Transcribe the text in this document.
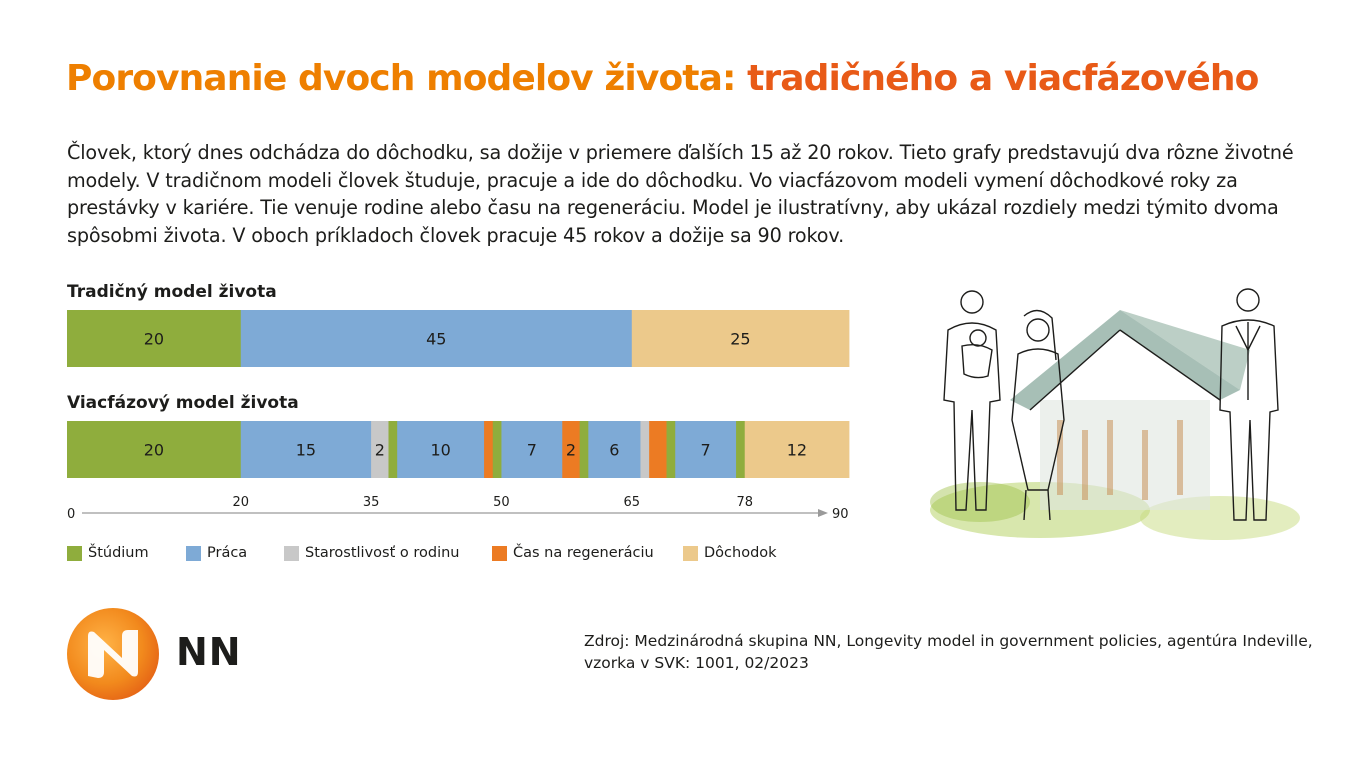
Porovnanie dvoch modelov života: tradičného a viacfázového

Človek, ktorý dnes odchádza do dôchodku, sa dožije v priemere ďalších 15 až 20 rokov. Tieto grafy predstavujú dva rôzne životné modely. V tradičnom modeli človek študuje, pracuje a ide do dôchodku. Vo viacfázovom modeli vymení dôchodkové roky za prestávky v kariére. Tie venuje rodine alebo času na regeneráciu. Model je ilustratívny, aby ukázal rozdiely medzi týmito dvoma spôsobmi života. V oboch príkladoch človek pracuje 45 rokov a dožije sa 90 rokov.

Tradičný model života
Viacfázový model života
20	45	25
20	15	2	10	7 2 6	7	12
0
20	35	50	65	78
90
Štúdium	Práca	Starostlivosť o rodinu	Čas na regeneráciu	Dôchodok
NN	Zdroj: Medzinárodná skupina NN, Longevity model in government policies, agentúra Indeville, vzorka v SVK: 1001, 02/2023
